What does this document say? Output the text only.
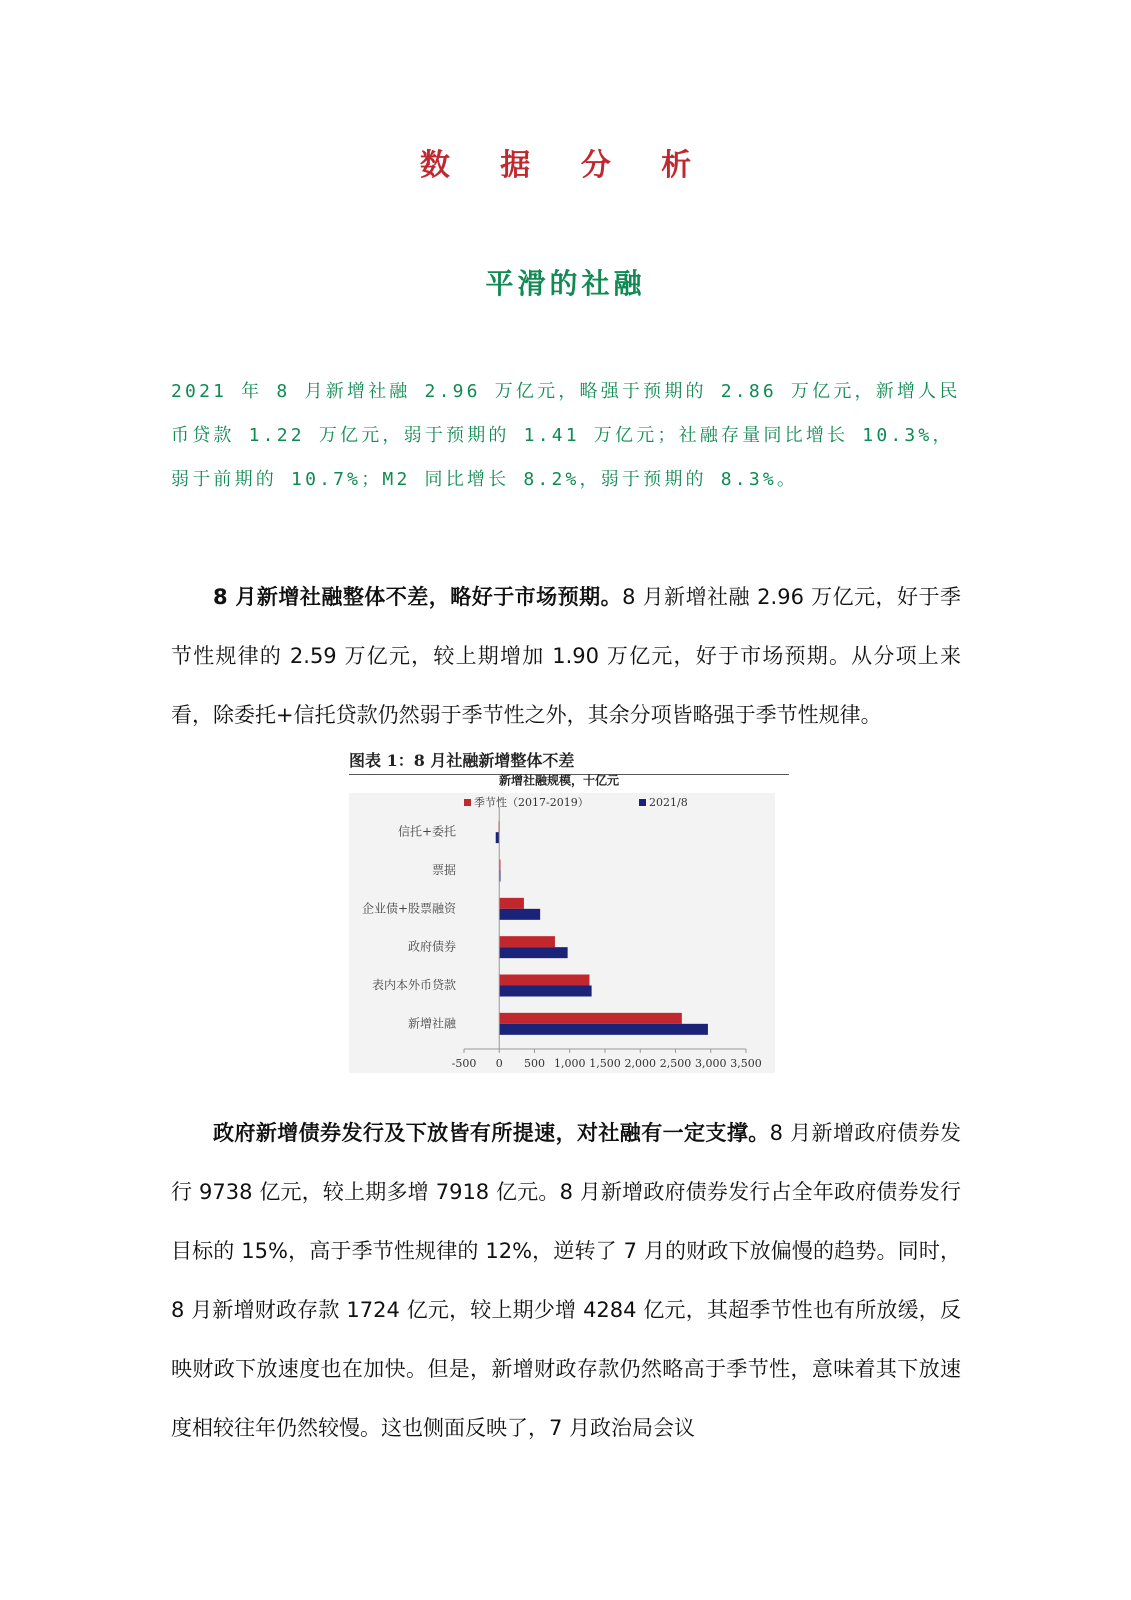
数 据 分 析
平滑的社融

2021 年 8 月新增社融 2.96 万亿元，略强于预期的 2.86 万亿元，新增人民币贷款 1.22 万亿元，弱于预期的 1.41 万亿元；社融存量同比增长 10.3%，弱于前期的 10.7%；M2 同比增长 8.2%，弱于预期的 8.3%。

8 月新增社融整体不差，略好于市场预期。8 月新增社融 2.96 万亿元，好于季节性规律的 2.59 万亿元，较上期增加 1.90 万亿元，好于市场预期。从分项上来看，除委托+信托贷款仍然弱于季节性之外，其余分项皆略强于季节性规律。

图表 1：8 月社融新增整体不差
新增社融规模，十亿元
季节性（2017-2019）	2021/8
信托+委托
票据
企业债+股票融资
政府债券
表内本外币贷款
新增社融
-500 0 500 1,000 1,500 2,000 2,500 3,000 3,500

政府新增债券发行及下放皆有所提速，对社融有一定支撑。8 月新增政府债券发行 9738 亿元，较上期多增 7918 亿元。8 月新增政府债券发行占全年政府债券发行目标的 15%，高于季节性规律的 12%，逆转了 7 月的财政下放偏慢的趋势。同时，8 月新增财政存款 1724 亿元，较上期少增 4284 亿元，其超季节性也有所放缓，反映财政下放速度也在加快。但是，新增财政存款仍然略高于季节性，意味着其下放速度相较往年仍然较慢。这也侧面反映了，7 月政治局会议
